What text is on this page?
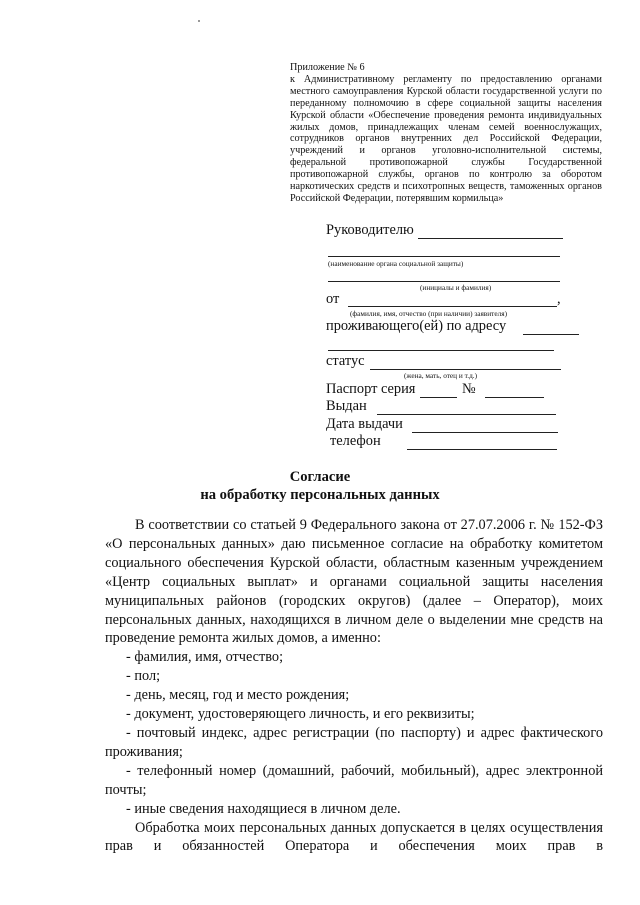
Приложение № 6

к Административному регламенту по предоставлению органами местного самоуправления Курской области государственной услуги по переданному полномочию в сфере социальной защиты населения Курской области «Обеспечение проведения ремонта индивидуальных жилых домов, принадлежащих членам семей военнослужащих, сотрудников органов внутренних дел Российской Федерации, учреждений и органов уголовно-исполнительной системы, федеральной противопожарной службы Государственной противопожарной службы, органов по контролю за оборотом наркотических средств и психотропных веществ, таможенных органов Российской Федерации, потерявшим кормильца»

Руководителю
(наименование органа социальной защиты)
(инициалы и фамилия)
от	,
(фамилия, имя, отчество (при наличии) заявителя)
проживающего(ей) по адресу
статус
(жена, мать, отец и т.д.)
Паспорт серия	№
Выдан
Дата выдачи
телефон
Согласие
на обработку персональных данных

В соответствии со статьей 9 Федерального закона от 27.07.2006 г. № 152-ФЗ «О персональных данных» даю письменное согласие на обработку комитетом социального обеспечения Курской области, областным казенным учреждением «Центр социальных выплат» и органами социальной защиты населения муниципальных районов (городских округов) (далее – Оператор), моих персональных данных, находящихся в личном деле о выделении мне средств на проведение ремонта жилых домов, а именно:

- фамилия, имя, отчество;

- пол;

- день, месяц, год и место рождения;

- документ, удостоверяющего личность, и его реквизиты;

- почтовый индекс, адрес регистрации (по паспорту) и адрес фактического проживания;

- телефонный номер (домашний, рабочий, мобильный), адрес электронной почты;

- иные сведения находящиеся в личном деле.

Обработка моих персональных данных допускается в целях осуществления прав и обязанностей Оператора и обеспечения моих прав в
